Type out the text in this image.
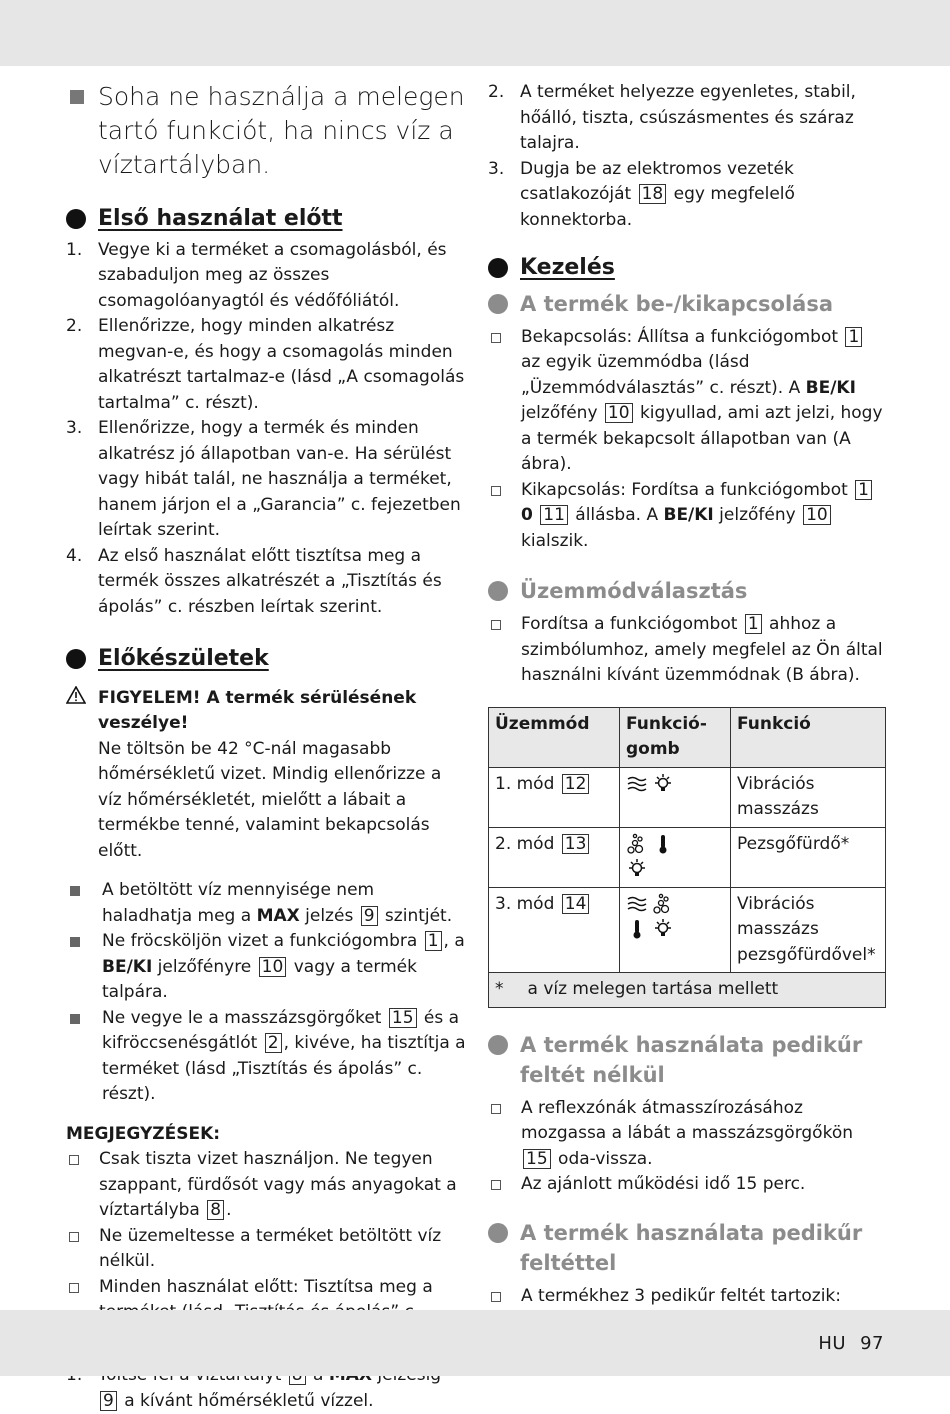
Soha ne használja a melegen tartó funkciót, ha nincs víz a víztartályban.
Első használat előtt
1. Vegye ki a terméket a csomagolásból, és szabaduljon meg az összes csomagolóanyagtól és védőfóliától.
2. Ellenőrizze, hogy minden alkatrész megvan-e, és hogy a csomagolás minden alkatrészt tartalmaz-e (lásd „A csomagolás tartalma” c. részt).
3. Ellenőrizze, hogy a termék és minden alkatrész jó állapotban van-e. Ha sérülést vagy hibát talál, ne használja a terméket, hanem járjon el a „Garancia” c. fejezetben leírtak szerint.
4. Az első használat előtt tisztítsa meg a termék összes alkatrészét a „Tisztítás és ápolás” c. részben leírtak szerint.
Előkészületek
FIGYELEM! A termék sérülésének veszélye!
Ne töltsön be 42 °C-nál magasabb hőmérsékletű vizet. Mindig ellenőrizze a víz hőmérsékletét, mielőtt a lábait a termékbe tenné, valamint bekapcsolás előtt.
A betöltött víz mennyisége nem haladhatja meg a MAX jelzés 9 szintjét.
Ne fröcsköljön vizet a funkciógombra 1 , a BE/KI jelzőfényre 10 vagy a termék talpára.
Ne vegye le a masszázsgörgőket 15 és a kifröccsenésgátlót 2 , kivéve, ha tisztítja a terméket (lásd „Tisztítás és ápolás” c. részt).
MEGJEGYZÉSEK:
Csak tiszta vizet használjon. Ne tegyen szappant, fürdősót vagy más anyagokat a víztartályba 8 .
Ne üzemeltesse a terméket betöltött víz nélkül.
Minden használat előtt: Tisztítsa meg a
9 a kívánt hőmérsékletű vízzel.
2. A terméket helyezze egyenletes, stabil, hőálló, tiszta, csúszásmentes és száraz talajra.
3. Dugja be az elektromos vezeték csatlakozóját 18 egy megfelelő konnektorba.
Kezelés
A termék be-/kikapcsolása
Bekapcsolás: Állítsa a funkciógombot 1 az egyik üzemmódba (lásd „Üzemmódválasztás” c. részt). A BE/KI jelzőfény 10 kigyullad, ami azt jelzi, hogy a termék bekapcsolt állapotban van (A ábra).
Kikapcsolás: Fordítsa a funkciógombot 1 0 11 állásba. A BE/KI jelzőfény 10 kialszik.
Üzemmódválasztás
Fordítsa a funkciógombot 1 ahhoz a szimbólumhoz, amely megfelel az Ön által használni kívánt üzemmódnak (B ábra).
Üzemmód	Funkció-gomb	Funkció
1. mód 12		Vibrációs masszázs
2. mód 13		Pezsgőfürdő*
3. mód 14		Vibrációs masszázs pezsgőfürdővel*
* a víz melegen tartása mellett		
A termék használata pedikűr feltét nélkül
A reflexzónák átmasszírozásához mozgassa a lábát a masszázsgörgőkön 15 oda-vissza.
Az ajánlott működési idő 15 perc.
A termék használata pedikűr feltéttel
A termékhez 3 pedikűr feltét tartozik:
HU 97
